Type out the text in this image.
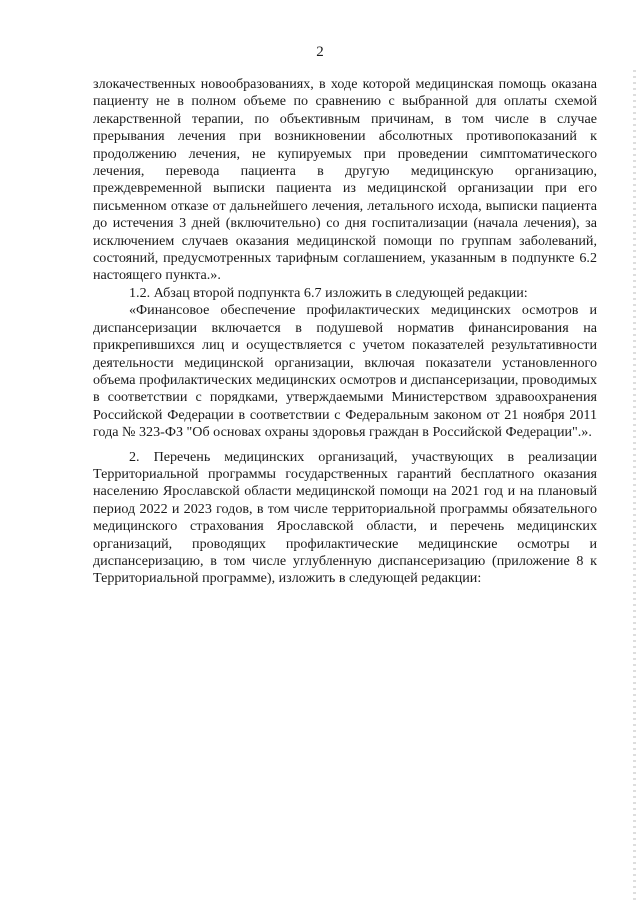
2

злокачественных новообразованиях, в ходе которой медицинская помощь оказана пациенту не в полном объеме по сравнению с выбранной для оплаты схемой лекарственной терапии, по объективным причинам, в том числе в случае прерывания лечения при возникновении абсолютных противопоказаний к продолжению лечения, не купируемых при проведении симптоматического лечения, перевода пациента в другую медицинскую организацию, преждевременной выписки пациента из медицинской организации при его письменном отказе от дальнейшего лечения, летального исхода, выписки пациента до истечения 3 дней (включительно) со дня госпитализации (начала лечения), за исключением случаев оказания медицинской помощи по группам заболеваний, состояний, предусмотренных тарифным соглашением, указанным в подпункте 6.2 настоящего пункта.».

1.2. Абзац второй подпункта 6.7 изложить в следующей редакции:

«Финансовое обеспечение профилактических медицинских осмотров и диспансеризации включается в подушевой норматив финансирования на прикрепившихся лиц и осуществляется с учетом показателей результативности деятельности медицинской организации, включая показатели установленного объема профилактических медицинских осмотров и диспансеризации, проводимых в соответствии с порядками, утверждаемыми Министерством здравоохранения Российской Федерации в соответствии с Федеральным законом от 21 ноября 2011 года № 323-ФЗ "Об основах охраны здоровья граждан в Российской Федерации".».

2. Перечень медицинских организаций, участвующих в реализации Территориальной программы государственных гарантий бесплатного оказания населению Ярославской области медицинской помощи на 2021 год и на плановый период 2022 и 2023 годов, в том числе территориальной программы обязательного медицинского страхования Ярославской области, и перечень медицинских организаций, проводящих профилактические медицинские осмотры и диспансеризацию, в том числе углубленную диспансеризацию (приложение 8 к Территориальной программе), изложить в следующей редакции:
